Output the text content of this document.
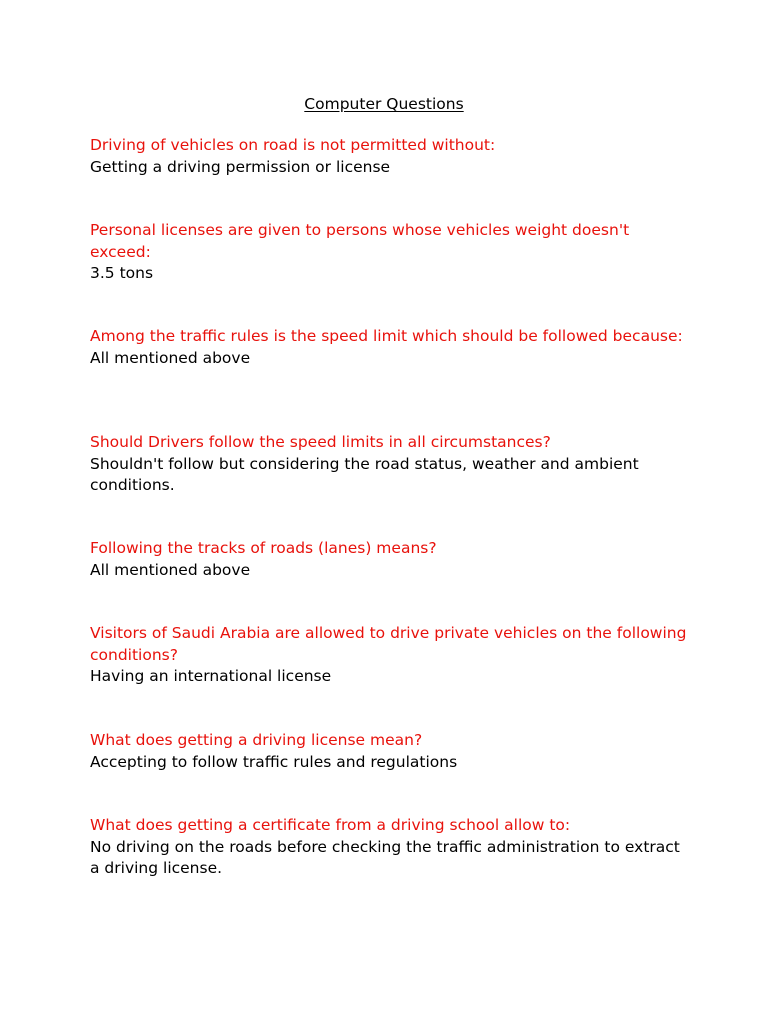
Computer Questions

Driving of vehicles on road is not permitted without:

Getting a driving permission or license

Personal licenses are given to persons whose vehicles weight doesn't exceed:

3.5 tons

Among the traffic rules is the speed limit which should be followed because:

All mentioned above

Should Drivers follow the speed limits in all circumstances?

Shouldn't follow but considering the road status, weather and ambient conditions.

Following the tracks of roads (lanes) means?

All mentioned above

Visitors of Saudi Arabia are allowed to drive private vehicles on the following conditions?

Having an international license

What does getting a driving license mean?

Accepting to follow traffic rules and regulations

What does getting a certificate from a driving school allow to:

No driving on the roads before checking the traffic administration to extract a driving license.
